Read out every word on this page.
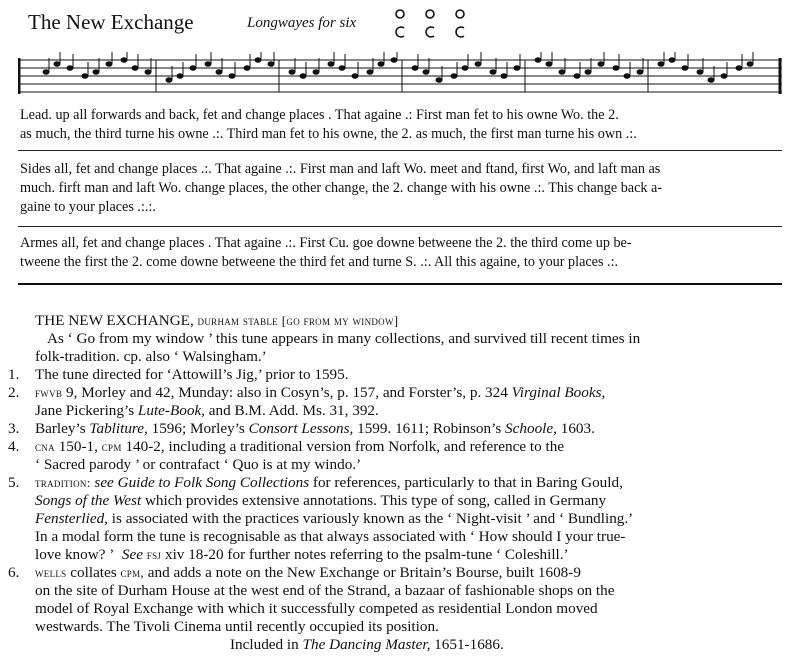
The New Exchange	Longwayes for six
Lead. up all forwards and back, fet and change places . That againe .: First man fet to his owne Wo. the 2.
as much, the third turne his owne .:. Third man fet to his owne, the 2. as much, the first man turne his own .:.
Sides all, fet and change places .:. That againe .:. First man and laft Wo. meet and ftand, first Wo, and laft man as
much. firft man and laft Wo. change places, the other change, the 2. change with his owne .:. This change back a-
gaine to your places .:.:.
Armes all, fet and change places . That againe .:. First Cu. goe downe betweene the 2. the third come up be-
tweene the first the 2. come downe betweene the third fet and turne S. .:. All this againe, to your places .:.
THE NEW EXCHANGE, durham stable [go from my window]
As ‘ Go from my window ’ this tune appears in many collections, and survived till recent times in
folk-tradition. cp. also ‘ Walsingham.’
1. The tune directed for ‘Attowill’s Jig,’ prior to 1595.
2. fwvb 9, Morley and 42, Munday: also in Cosyn’s, p. 157, and Forster’s, p. 324 Virginal Books,
Jane Pickering’s Lute-Book, and B.M. Add. Ms. 31, 392.
3. Barley’s Tabliture, 1596; Morley’s Consort Lessons, 1599. 1611; Robinson’s Schoole, 1603.
4. cna 150-1, cpm 140-2, including a traditional version from Norfolk, and reference to the
‘ Sacred parody ’ or contrafact ‘ Quo is at my windo.’
5. tradition: see Guide to Folk Song Collections for references, particularly to that in Baring Gould,
Songs of the West which provides extensive annotations. This type of song, called in Germany
Fensterlied, is associated with the practices variously known as the ‘ Night-visit ’ and ‘ Bundling.’
In a modal form the tune is recognisable as that always associated with ‘ How should I your true-
love know? ’ See fsj xiv 18-20 for further notes referring to the psalm-tune ‘ Coleshill.’
6. wells collates cpm, and adds a note on the New Exchange or Britain’s Bourse, built 1608-9
on the site of Durham House at the west end of the Strand, a bazaar of fashionable shops on the
model of Royal Exchange with which it successfully competed as residential London moved
westwards. The Tivoli Cinema until recently occupied its position.
Included in The Dancing Master, 1651-1686.
